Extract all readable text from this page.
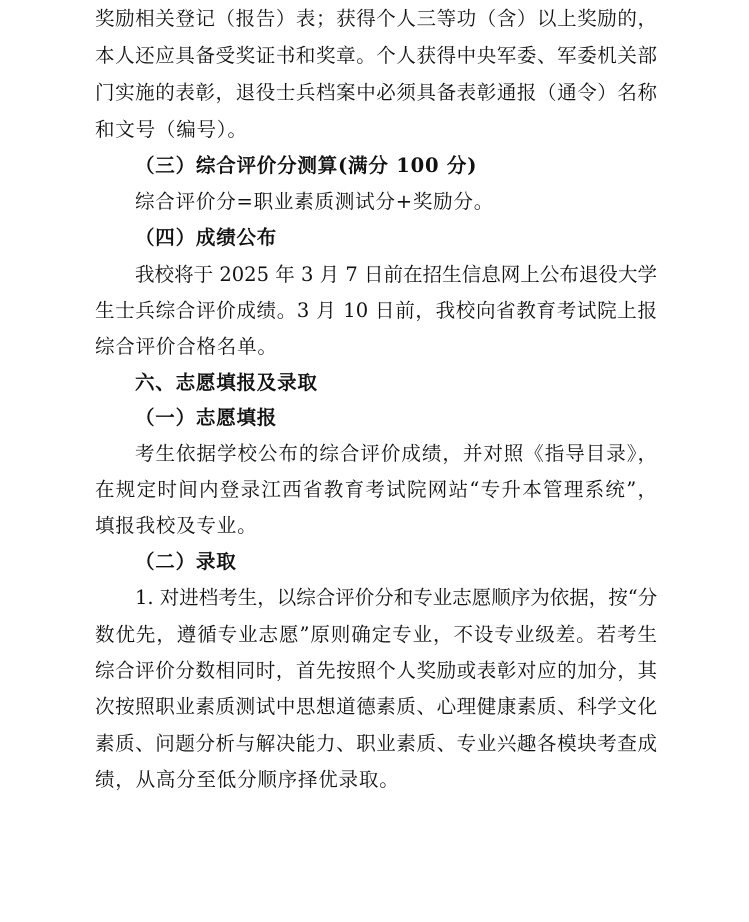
奖励相关登记（报告）表；获得个人三等功（含）以上奖励的，
本人还应具备受奖证书和奖章。个人获得中央军委、军委机关部
门实施的表彰，退役士兵档案中必须具备表彰通报（通令）名称
和文号（编号）。
（三）综合评价分测算(满分 100 分)
综合评价分=职业素质测试分+奖励分。
（四）成绩公布
我校将于 2025 年 3 月 7 日前在招生信息网上公布退役大学
生士兵综合评价成绩。3 月 10 日前，我校向省教育考试院上报
综合评价合格名单。
六、志愿填报及录取
（一）志愿填报
考生依据学校公布的综合评价成绩，并对照《指导目录》，
在规定时间内登录江西省教育考试院网站“专升本管理系统”，
填报我校及专业。
（二）录取
1. 对进档考生，以综合评价分和专业志愿顺序为依据，按“分
数优先，遵循专业志愿”原则确定专业，不设专业级差。若考生
综合评价分数相同时，首先按照个人奖励或表彰对应的加分，其
次按照职业素质测试中思想道德素质、心理健康素质、科学文化
素质、问题分析与解决能力、职业素质、专业兴趣各模块考查成
绩，从高分至低分顺序择优录取。
